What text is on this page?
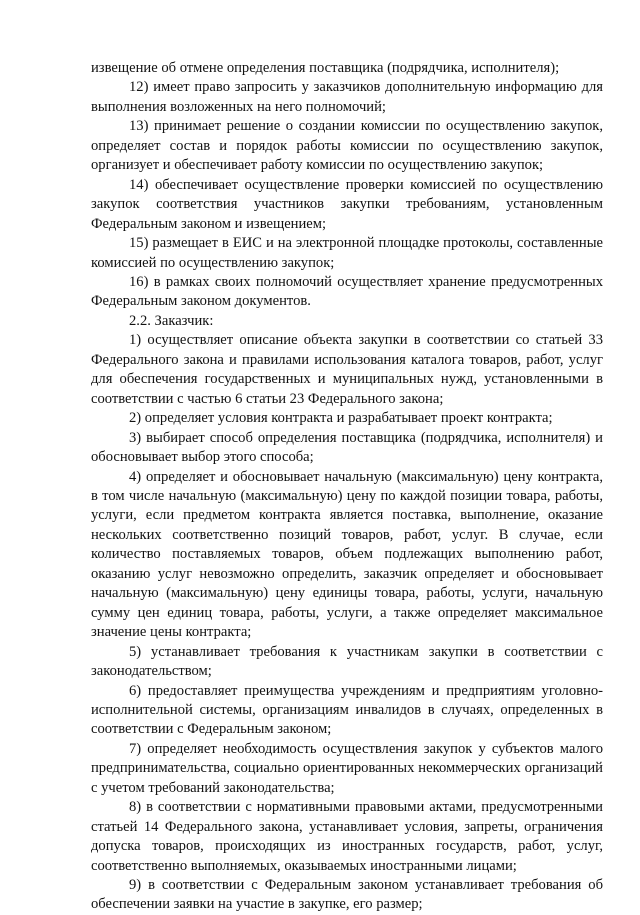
извещение об отмене определения поставщика (подрядчика, исполнителя);

12) имеет право запросить у заказчиков дополнительную информацию для выполнения возложенных на него полномочий;

13) принимает решение о создании комиссии по осуществлению закупок, определяет состав и порядок работы комиссии по осуществлению закупок, организует и обеспечивает работу комиссии по осуществлению закупок;

14) обеспечивает осуществление проверки комиссией по осуществлению закупок соответствия участников закупки требованиям, установленным Федеральным законом и извещением;

15) размещает в ЕИС и на электронной площадке протоколы, составленные комиссией по осуществлению закупок;

16) в рамках своих полномочий осуществляет хранение предусмотренных Федеральным законом документов.

2.2. Заказчик:

1) осуществляет описание объекта закупки в соответствии со статьей 33 Федерального закона и правилами использования каталога товаров, работ, услуг для обеспечения государственных и муниципальных нужд, установленными в соответствии с частью 6 статьи 23 Федерального закона;

2) определяет условия контракта и разрабатывает проект контракта;

3) выбирает способ определения поставщика (подрядчика, исполнителя) и обосновывает выбор этого способа;

4) определяет и обосновывает начальную (максимальную) цену контракта, в том числе начальную (максимальную) цену по каждой позиции товара, работы, услуги, если предметом контракта является поставка, выполнение, оказание нескольких соответственно позиций товаров, работ, услуг. В случае, если количество поставляемых товаров, объем подлежащих выполнению работ, оказанию услуг невозможно определить, заказчик определяет и обосновывает начальную (максимальную) цену единицы товара, работы, услуги, начальную сумму цен единиц товара, работы, услуги, а также определяет максимальное значение цены контракта;

5) устанавливает требования к участникам закупки в соответствии с законодательством;

6) предоставляет преимущества учреждениям и предприятиям уголовно-исполнительной системы, организациям инвалидов в случаях, определенных в соответствии с Федеральным законом;

7) определяет необходимость осуществления закупок у субъектов малого предпринимательства, социально ориентированных некоммерческих организаций с учетом требований законодательства;

8) в соответствии с нормативными правовыми актами, предусмотренными статьей 14 Федерального закона, устанавливает условия, запреты, ограничения допуска товаров, происходящих из иностранных государств, работ, услуг, соответственно выполняемых, оказываемых иностранными лицами;

9) в соответствии с Федеральным законом устанавливает требования об обеспечении заявки на участие в закупке, его размер;
